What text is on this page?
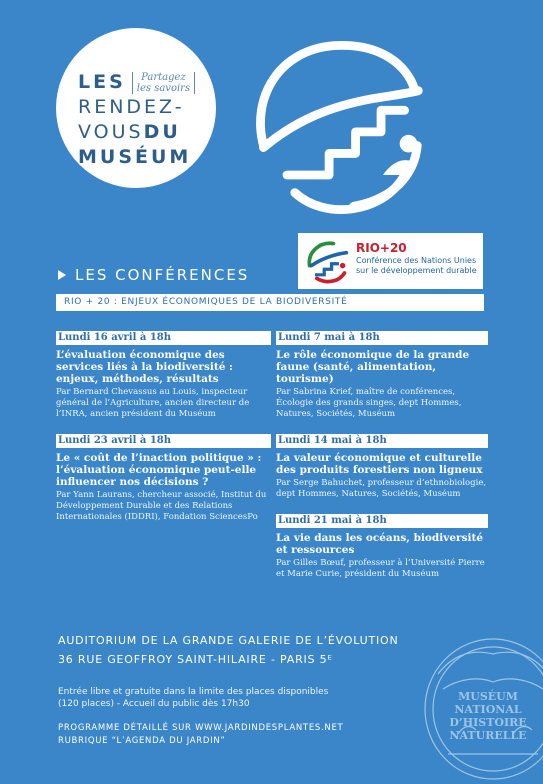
LES	Partagez
les savoirs
RENDEZ-
VOUSDU
MUSÉUM
RIO+20
Conférence des Nations Unies sur le développement durable
LES CONFÉRENCES
RIO + 20 : ENJEUX ÉCONOMIQUES DE LA BIODIVERSITÉ
Lundi 16 avril à 18h
L’évaluation économique des services liés à la biodiversité : enjeux, méthodes, résultats
Par Bernard Chevassus au Louis, inspecteur général de l’Agriculture, ancien directeur de l’INRA, ancien président du Muséum
Lundi 23 avril à 18h
Le « coût de l’inaction politique » : l’évaluation économique peut-elle influencer nos décisions ?
Par Yann Laurans, chercheur associé, Institut du Développement Durable et des Relations Internationales (IDDRI), Fondation SciencesPo
Lundi 7 mai à 18h
Le rôle économique de la grande faune (santé, alimentation, tourisme)
Par Sabrina Krief, maître de conférences, Écologie des grands singes, dept Hommes, Natures, Sociétés, Muséum
Lundi 14 mai à 18h
La valeur économique et culturelle des produits forestiers non ligneux
Par Serge Bahuchet, professeur d’ethnobiologie, dept Hommes, Natures, Sociétés, Muséum
Lundi 21 mai à 18h
La vie dans les océans, biodiversité et ressources
Par Gilles Bœuf, professeur à l’Université Pierre et Marie Curie, président du Muséum
AUDITORIUM DE LA GRANDE GALERIE DE L’ÉVOLUTION
36 RUE GEOFFROY SAINT-HILAIRE - PARIS 5ᴱ
Entrée libre et gratuite dans la limite des places disponibles
(120 places) - Accueil du public dès 17h30
PROGRAMME DÉTAILLÉ SUR WWW.JARDINDESPLANTES.NET
RUBRIQUE “L’AGENDA DU JARDIN”
MUSÉUM
NATIONAL
D’HISTOIRE
NATURELLE
